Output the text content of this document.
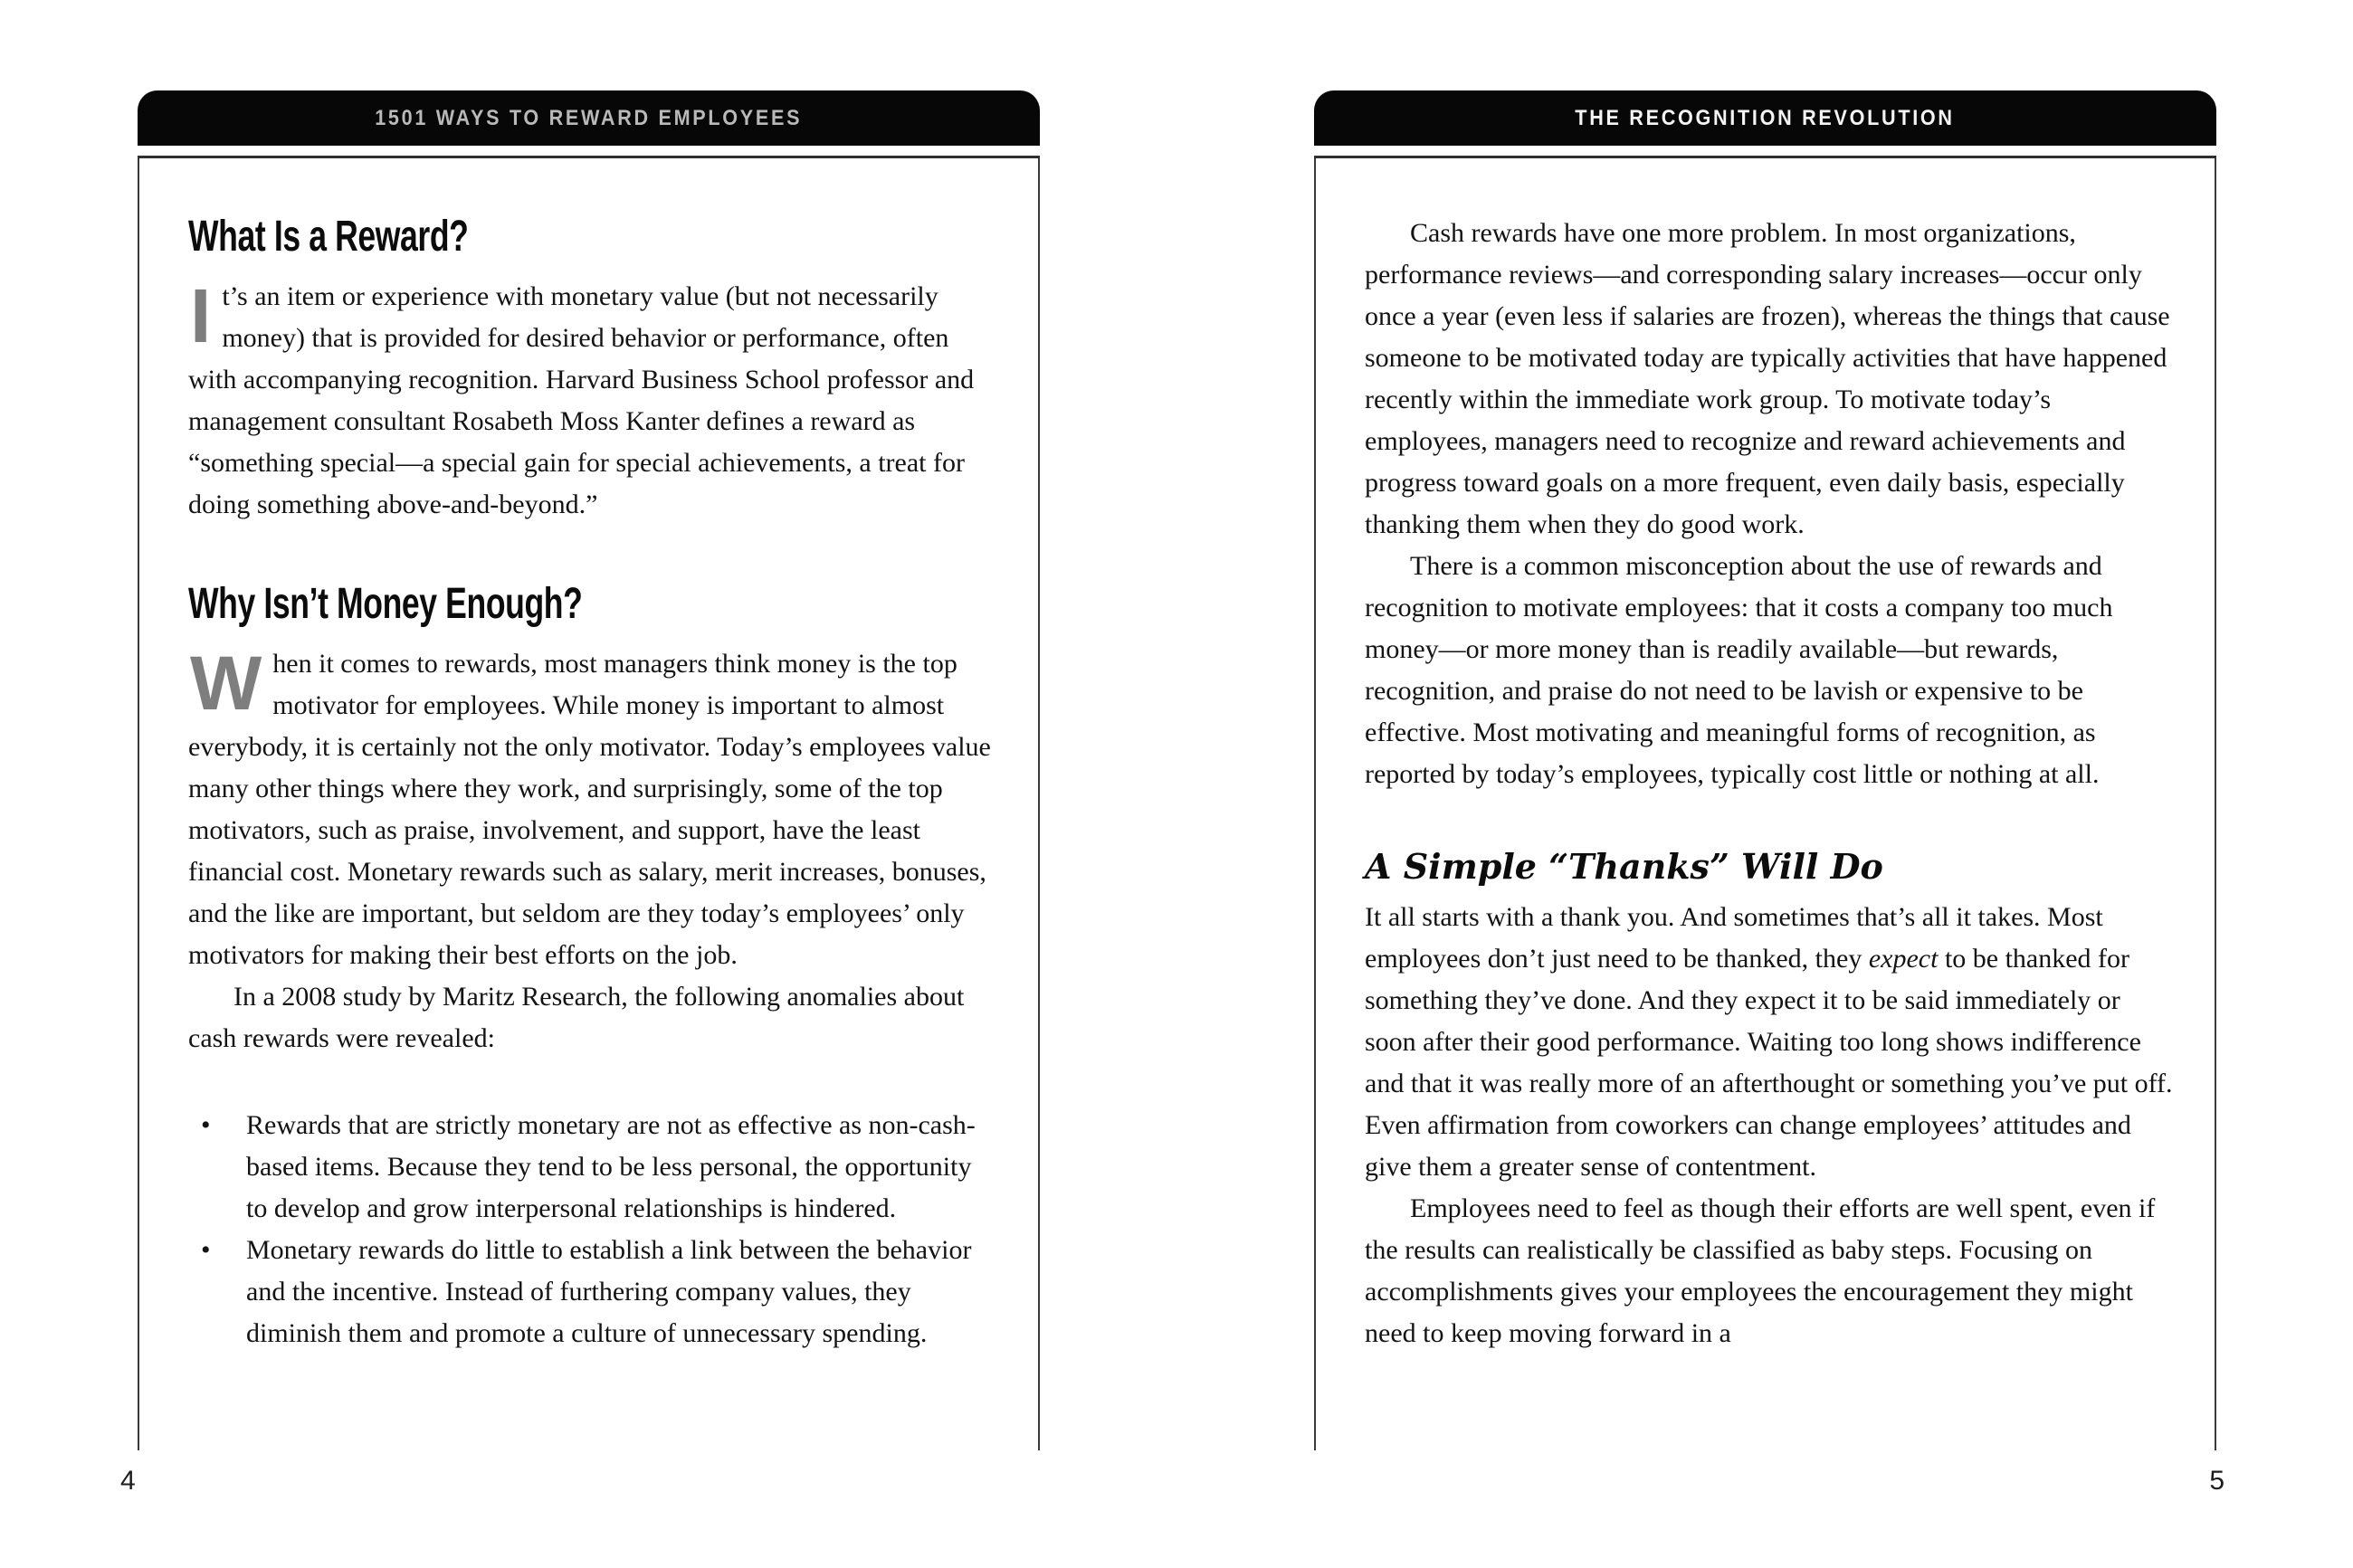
1501 WAYS TO REWARD EMPLOYEES
What Is a Reward?

It’s an item or experience with monetary value (but not necessarily money) that is provided for desired behavior or performance, often with accompanying recognition. Harvard Business School professor and management consultant Rosabeth Moss Kanter defines a reward as “something special—a special gain for special achievements, a treat for doing something above-and-beyond.”

Why Isn’t Money Enough?

When it comes to rewards, most managers think money is the top motivator for employees. While money is important to almost everybody, it is certainly not the only motivator. Today’s employees value many other things where they work, and surprisingly, some of the top motivators, such as praise, involvement, and support, have the least financial cost. Monetary rewards such as salary, merit increases, bonuses, and the like are important, but seldom are they today’s employees’ only motivators for making their best efforts on the job.

In a 2008 study by Maritz Research, the following anomalies about cash rewards were revealed:

• Rewards that are strictly monetary are not as effective as non-cash-based items. Because they tend to be less personal, the opportunity to develop and grow interpersonal relationships is hindered.
• Monetary rewards do little to establish a link between the behavior and the incentive. Instead of furthering company values, they diminish them and promote a culture of unnecessary spending.
THE RECOGNITION REVOLUTION

Cash rewards have one more problem. In most organizations, performance reviews—and corresponding salary increases—occur only once a year (even less if salaries are frozen), whereas the things that cause someone to be motivated today are typically activities that have happened recently within the immediate work group. To motivate today’s employees, managers need to recognize and reward achievements and progress toward goals on a more frequent, even daily basis, especially thanking them when they do good work.

There is a common misconception about the use of rewards and recognition to motivate employees: that it costs a company too much money—or more money than is readily available—but rewards, recognition, and praise do not need to be lavish or expensive to be effective. Most motivating and meaningful forms of recognition, as reported by today’s employees, typically cost little or nothing at all.

A Simple “Thanks” Will Do

It all starts with a thank you. And sometimes that’s all it takes. Most employees don’t just need to be thanked, they expect to be thanked for something they’ve done. And they expect it to be said immediately or soon after their good performance. Waiting too long shows indifference and that it was really more of an afterthought or something you’ve put off. Even affirmation from coworkers can change employees’ attitudes and give them a greater sense of contentment.

Employees need to feel as though their efforts are well spent, even if the results can realistically be classified as baby steps. Focusing on accomplishments gives your employees the encouragement they might need to keep moving forward in a

4	5
